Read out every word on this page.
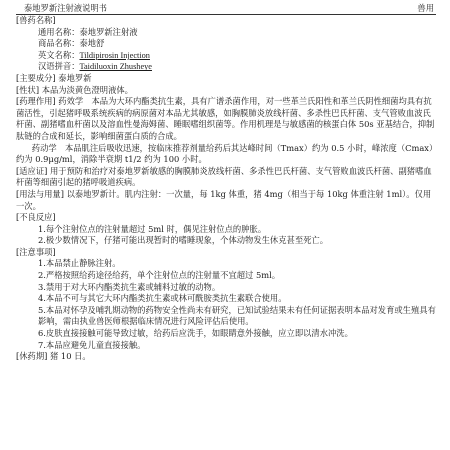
泰地罗新注射液说明书	兽用

[兽药名称]

通用名称：泰地罗新注射液

商品名称：泰地舒

英文名称：Tildipirosin Injection

汉语拼音：Taidiluoxin Zhusheye

[主要成分] 泰地罗新

[性状] 本品为淡黄色澄明液体。

[药理作用] 药效学　本品为大环内酯类抗生素，具有广谱杀菌作用，对一些革兰氏阳性和革兰氏阴性细菌均具有抗菌活性，引起猪呼吸系统疾病的病原菌对本品尤其敏感，如胸膜肺炎放线杆菌、多杀性巴氏杆菌、支气管败血波氏杆菌、副猪嗜血杆菌以及溶血性曼海姆菌、睡眠嗜组织菌等。作用机理是与敏感菌的核蛋白体 50s 亚基结合，抑制肽链的合成和延长，影响细菌蛋白质的合成。

药动学　本品肌注后吸收迅速，按临床推荐剂量给药后其达峰时间（Tmax）约为 0.5 小时，峰浓度（Cmax）约为 0.9μg/ml，消除半衰期 t1/2 约为 100 小时。

[适应证] 用于预防和治疗对泰地罗新敏感的胸膜肺炎放线杆菌、多杀性巴氏杆菌、支气管败血波氏杆菌、副猪嗜血杆菌等细菌引起的猪呼吸道疾病。

[用法与用量] 以泰地罗新计。肌内注射：一次量，每 1kg 体重，猪 4mg（相当于每 10kg 体重注射 1ml）。仅用一次。

[不良反应]

1.每个注射位点的注射量超过 5ml 时，偶见注射位点的肿胀。

2.极少数情况下，仔猪可能出现暂时的嗜睡现象，个体动物发生休克甚至死亡。

[注意事项]

1.本品禁止静脉注射。

2.严格按照给药途径给药，单个注射位点的注射量不宜超过 5ml。

3.禁用于对大环内酯类抗生素或辅料过敏的动物。

4.本品不可与其它大环内酯类抗生素或林可酰胺类抗生素联合使用。

5.本品对怀孕及哺乳期动物的药物安全性尚未有研究，已知试验结果未有任何证据表明本品对发育或生殖具有影响，需由执业兽医师根据临床情况进行风险评估后使用。

6.皮肤直接接触可能导致过敏，给药后应洗手，如眼睛意外接触，应立即以清水冲洗。

7.本品应避免儿童直接接触。

[休药期] 猪 10 日。
